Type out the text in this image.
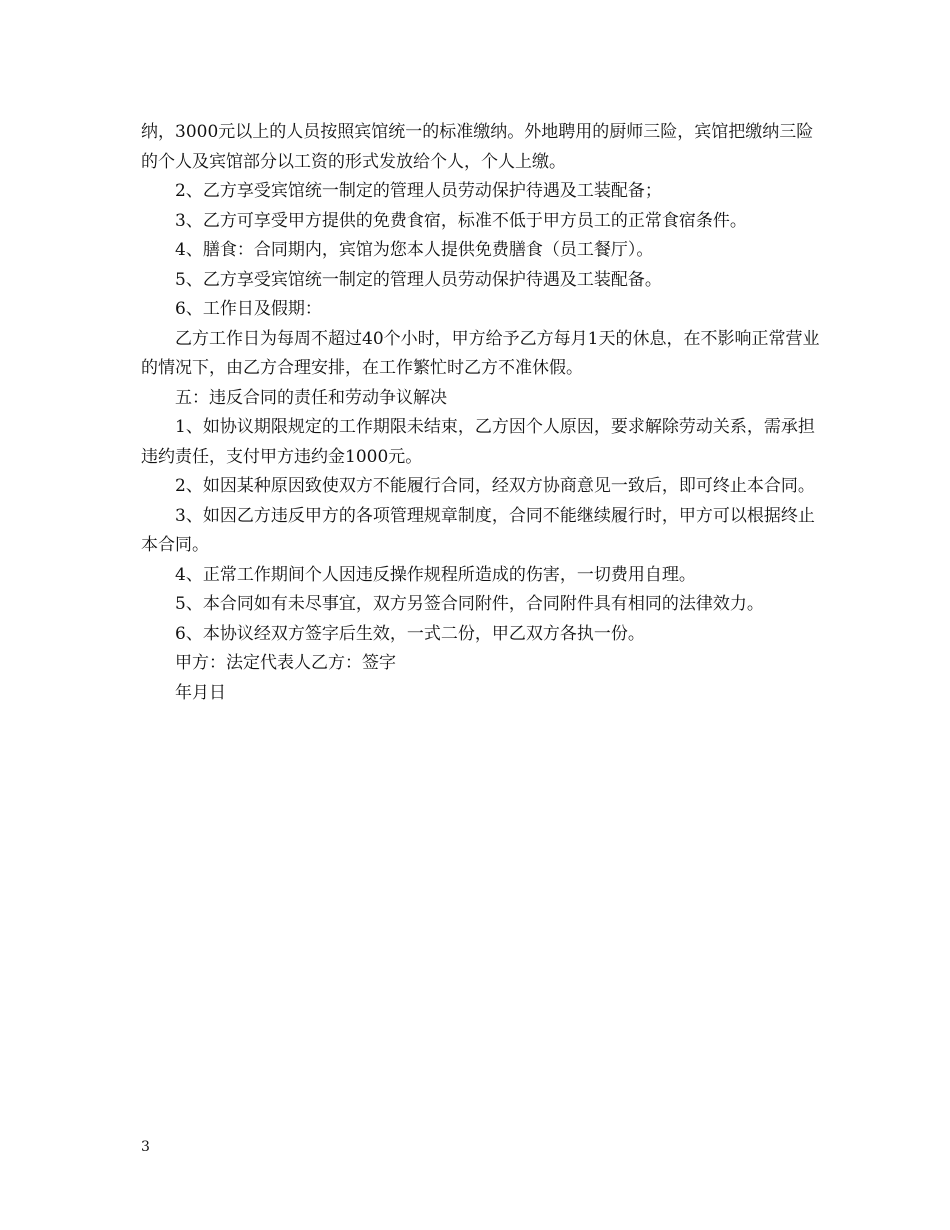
纳，3000元以上的人员按照宾馆统一的标准缴纳。外地聘用的厨师三险，宾馆把缴纳三险的个人及宾馆部分以工资的形式发放给个人，个人上缴。

2、乙方享受宾馆统一制定的管理人员劳动保护待遇及工装配备；

3、乙方可享受甲方提供的免费食宿，标准不低于甲方员工的正常食宿条件。

4、膳食：合同期内，宾馆为您本人提供免费膳食（员工餐厅）。

5、乙方享受宾馆统一制定的管理人员劳动保护待遇及工装配备。

6、工作日及假期：

乙方工作日为每周不超过40个小时，甲方给予乙方每月1天的休息，在不影响正常营业的情况下，由乙方合理安排，在工作繁忙时乙方不准休假。

五：违反合同的责任和劳动争议解决

1、如协议期限规定的工作期限未结束，乙方因个人原因，要求解除劳动关系，需承担违约责任，支付甲方违约金1000元。

2、如因某种原因致使双方不能履行合同，经双方协商意见一致后，即可终止本合同。

3、如因乙方违反甲方的各项管理规章制度，合同不能继续履行时，甲方可以根据终止本合同。

4、正常工作期间个人因违反操作规程所造成的伤害，一切费用自理。

5、本合同如有未尽事宜，双方另签合同附件，合同附件具有相同的法律效力。

6、本协议经双方签字后生效，一式二份，甲乙双方各执一份。

甲方：法定代表人乙方：签字

年月日

3
